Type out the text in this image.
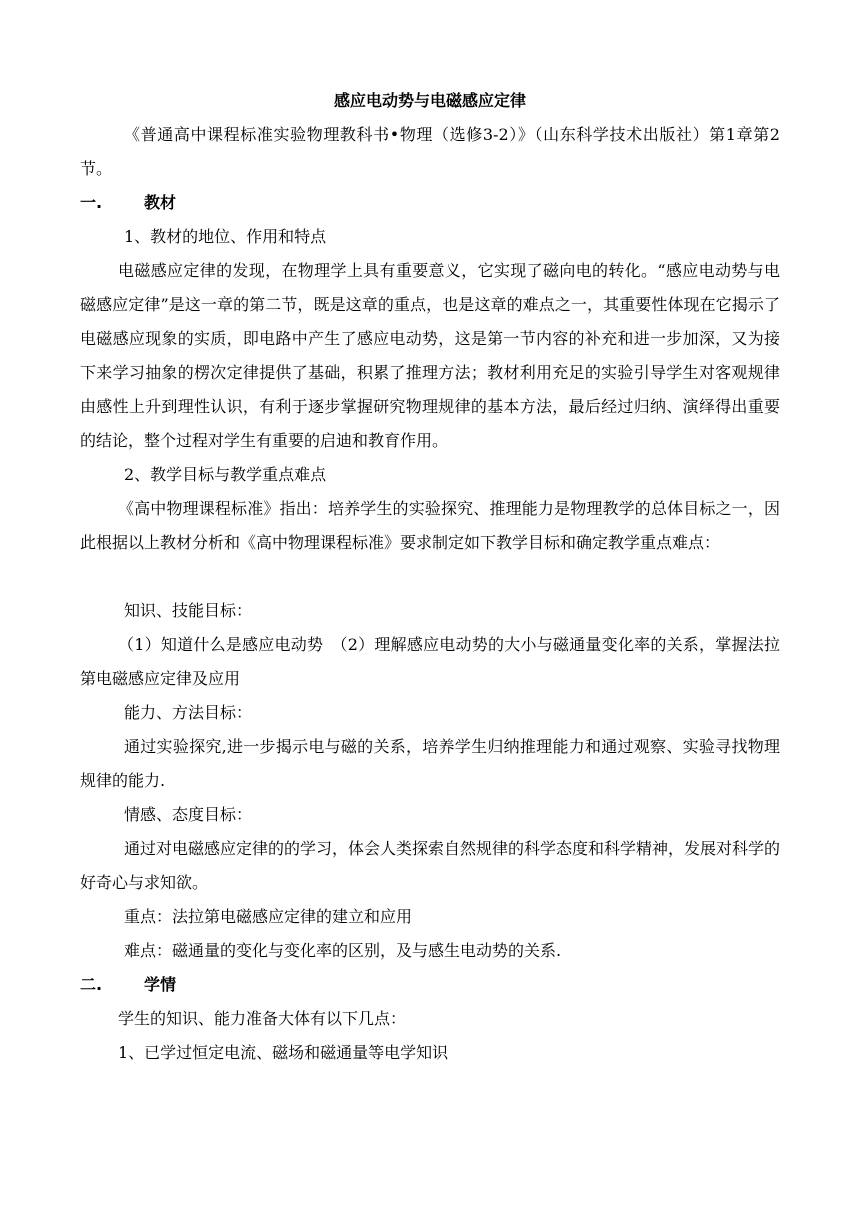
感应电动势与电磁感应定律

《普通高中课程标准实验物理教科书•物理（选修3-2）》（山东科学技术出版社）第1章第2节。

一.	教材

1、教材的地位、作用和特点

电磁感应定律的发现，在物理学上具有重要意义，它实现了磁向电的转化。“感应电动势与电磁感应定律”是这一章的第二节，既是这章的重点，也是这章的难点之一，其重要性体现在它揭示了电磁感应现象的实质，即电路中产生了感应电动势，这是第一节内容的补充和进一步加深，又为接下来学习抽象的楞次定律提供了基础，积累了推理方法；教材利用充足的实验引导学生对客观规律由感性上升到理性认识，有利于逐步掌握研究物理规律的基本方法，最后经过归纳、演绎得出重要的结论，整个过程对学生有重要的启迪和教育作用。

2、教学目标与教学重点难点

《高中物理课程标准》指出：培养学生的实验探究、推理能力是物理教学的总体目标之一，因此根据以上教材分析和《高中物理课程标准》要求制定如下教学目标和确定教学重点难点：

知识、技能目标：

（1）知道什么是感应电动势　（2）理解感应电动势的大小与磁通量变化率的关系，掌握法拉第电磁感应定律及应用

能力、方法目标：

通过实验探究,进一步揭示电与磁的关系，培养学生归纳推理能力和通过观察、实验寻找物理规律的能力.

情感、态度目标：

通过对电磁感应定律的的学习，体会人类探索自然规律的科学态度和科学精神，发展对科学的好奇心与求知欲。

重点：法拉第电磁感应定律的建立和应用

难点：磁通量的变化与变化率的区别，及与感生电动势的关系.

二.	学情

学生的知识、能力准备大体有以下几点：

1、已学过恒定电流、磁场和磁通量等电学知识
